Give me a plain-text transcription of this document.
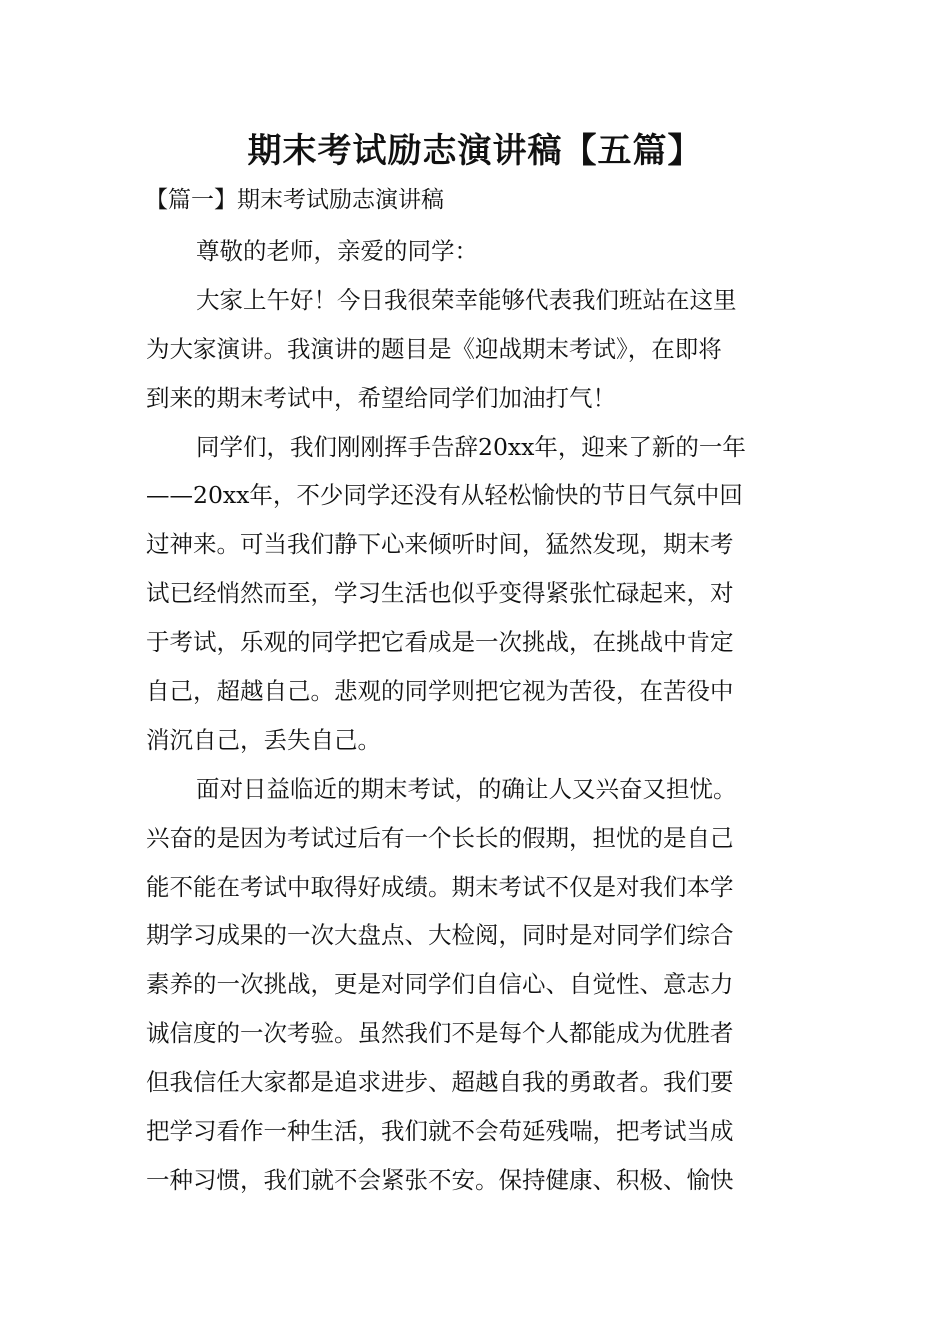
期末考试励志演讲稿【五篇】
【篇一】期末考试励志演讲稿
尊敬的老师，亲爱的同学：
大家上午好！今日我很荣幸能够代表我们班站在这里
为大家演讲。我演讲的题目是《迎战期末考试》，在即将
到来的期末考试中，希望给同学们加油打气！
同学们，我们刚刚挥手告辞20xx年，迎来了新的一年
——20xx年，不少同学还没有从轻松愉快的节日气氛中回
过神来。可当我们静下心来倾听时间，猛然发现，期末考
试已经悄然而至，学习生活也似乎变得紧张忙碌起来，对
于考试，乐观的同学把它看成是一次挑战，在挑战中肯定
自己，超越自己。悲观的同学则把它视为苦役，在苦役中
消沉自己，丢失自己。
面对日益临近的期末考试，的确让人又兴奋又担忧。
兴奋的是因为考试过后有一个长长的假期，担忧的是自己
能不能在考试中取得好成绩。期末考试不仅是对我们本学
期学习成果的一次大盘点、大检阅，同时是对同学们综合
素养的一次挑战，更是对同学们自信心、自觉性、意志力
诚信度的一次考验。虽然我们不是每个人都能成为优胜者
但我信任大家都是追求进步、超越自我的勇敢者。我们要
把学习看作一种生活，我们就不会苟延残喘，把考试当成
一种习惯，我们就不会紧张不安。保持健康、积极、愉快
